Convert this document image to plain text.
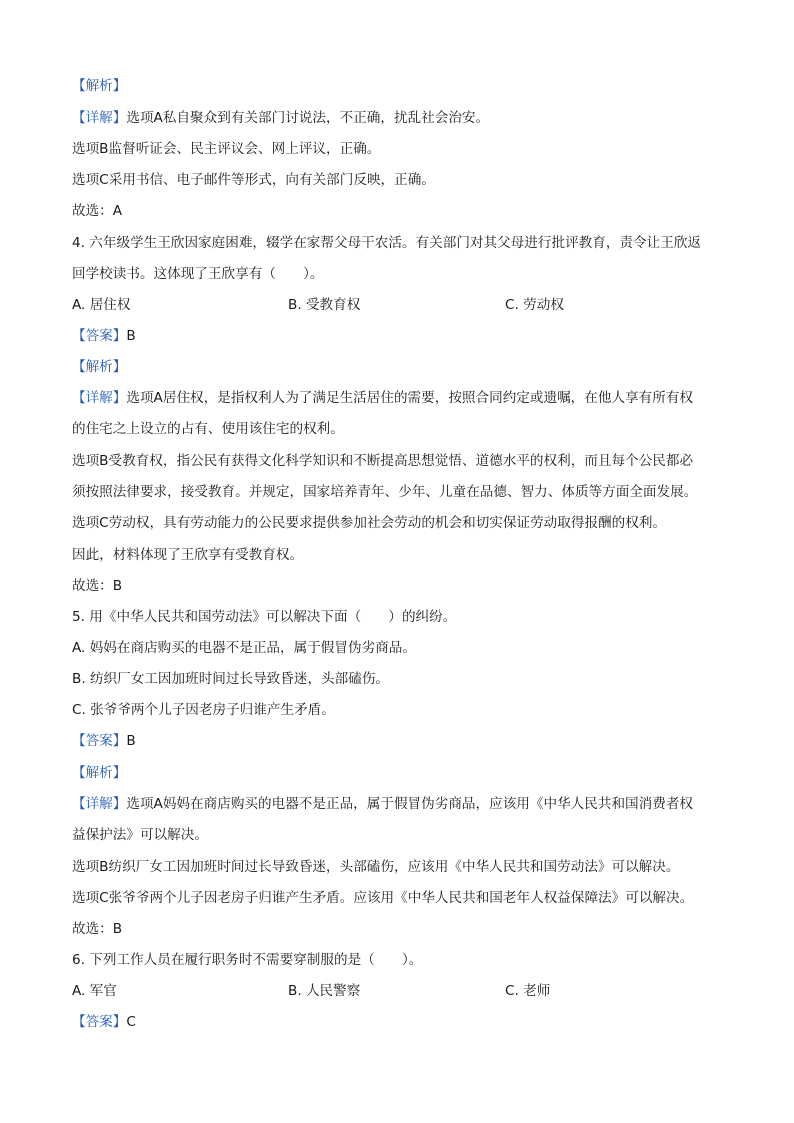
【解析】
【详解】选项A私自聚众到有关部门讨说法，不正确，扰乱社会治安。
选项B监督听证会、民主评议会、网上评议，正确。
选项C采用书信、电子邮件等形式，向有关部门反映，正确。
故选：A
4. 六年级学生王欣因家庭困难，辍学在家帮父母干农活。有关部门对其父母进行批评教育，责令让王欣返
回学校读书。这体现了王欣享有（　　）。
【答案】B
【解析】
【详解】选项A居住权，是指权利人为了满足生活居住的需要，按照合同约定或遗嘱，在他人享有所有权
的住宅之上设立的占有、使用该住宅的权利。
选项B受教育权，指公民有获得文化科学知识和不断提高思想觉悟、道德水平的权利，而且每个公民都必
须按照法律要求，接受教育。并规定，国家培养青年、少年、儿童在品德、智力、体质等方面全面发展。
选项C劳动权，具有劳动能力的公民要求提供参加社会劳动的机会和切实保证劳动取得报酬的权利。
因此，材料体现了王欣享有受教育权。
故选：B
5. 用《中华人民共和国劳动法》可以解决下面（　　）的纠纷。
A. 妈妈在商店购买的电器不是正品，属于假冒伪劣商品。
B. 纺织厂女工因加班时间过长导致昏迷，头部磕伤。
C. 张爷爷两个儿子因老房子归谁产生矛盾。
【答案】B
【解析】
【详解】选项A妈妈在商店购买的电器不是正品，属于假冒伪劣商品，应该用《中华人民共和国消费者权
益保护法》可以解决。
选项B纺织厂女工因加班时间过长导致昏迷，头部磕伤，应该用《中华人民共和国劳动法》可以解决。
选项C张爷爷两个儿子因老房子归谁产生矛盾。应该用《中华人民共和国老年人权益保障法》可以解决。
故选：B
6. 下列工作人员在履行职务时不需要穿制服的是（　　）。
【答案】C
A. 居住权	B. 受教育权	C. 劳动权
A. 军官	B. 人民警察	C. 老师
